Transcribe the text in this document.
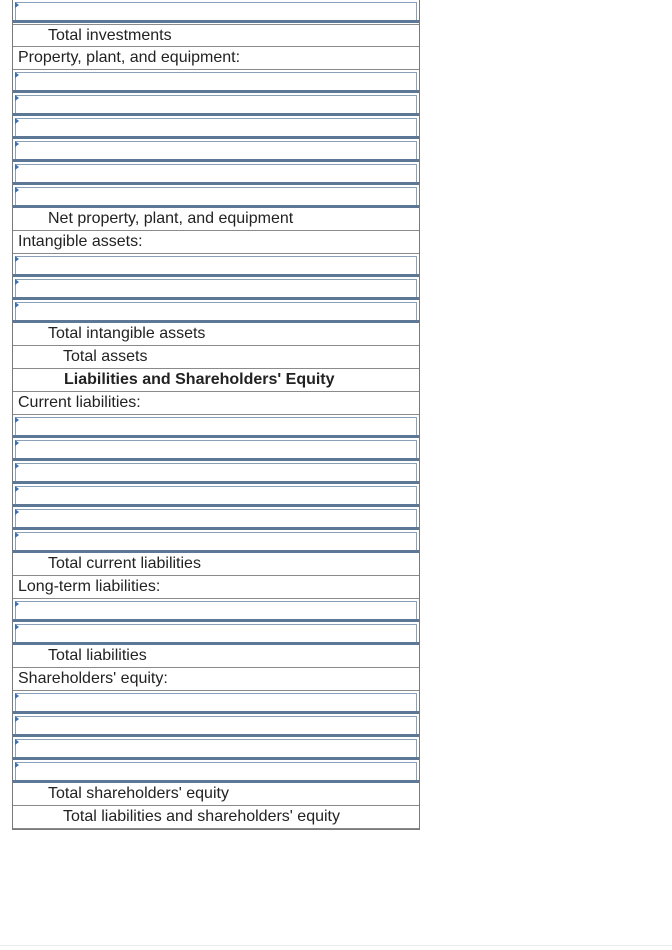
Total investments
Property, plant, and equipment:
Net property, plant, and equipment
Intangible assets:
Total intangible assets
Total assets
Liabilities and Shareholders' Equity
Current liabilities:
Total current liabilities
Long-term liabilities:
Total liabilities
Shareholders' equity:
Total shareholders' equity
Total liabilities and shareholders' equity
